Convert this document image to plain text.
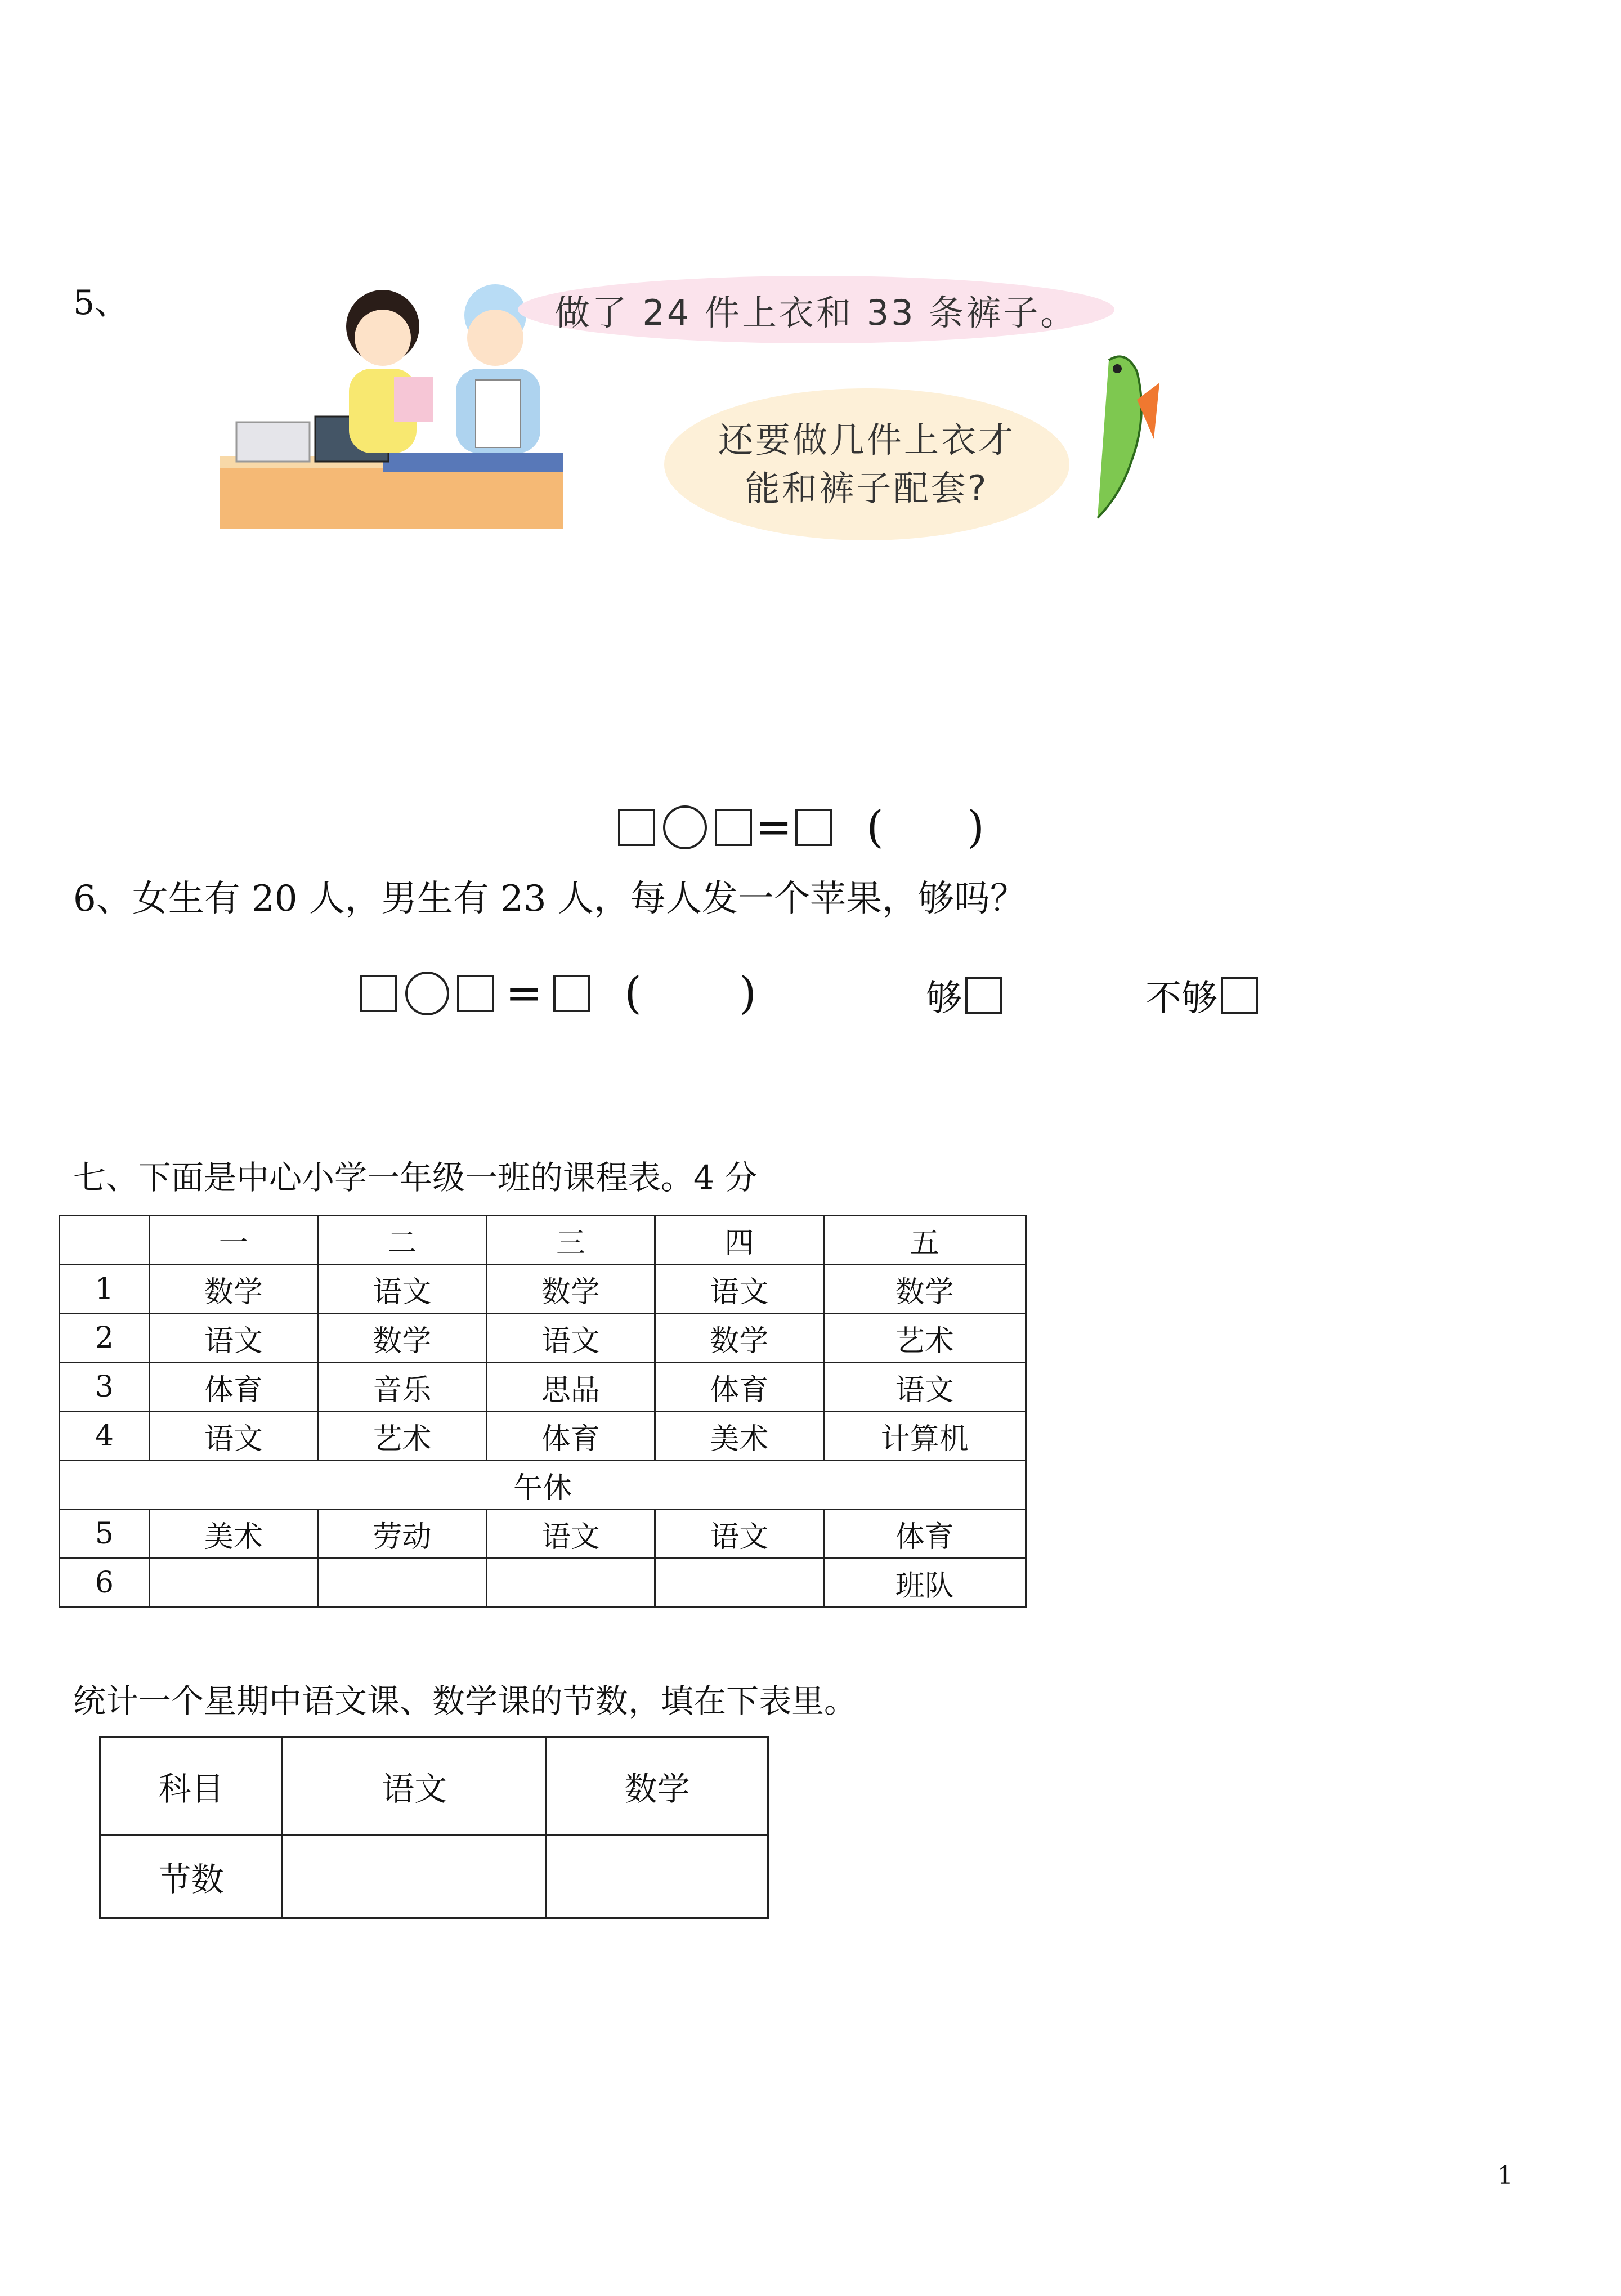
5、	做了 24 件上衣和 33 条裤子。
还要做几件上衣才
能和裤子配套?
= (      )
6、女生有 20 人，男生有 23 人，每人发一个苹果，够吗？
= (       )	够	不够
七、下面是中心小学一年级一班的课程表。4 分
	一	二	三	四	五
1	数学	语文	数学	语文	数学
2	语文	数学	语文	数学	艺术
3	体育	音乐	思品	体育	语文
4	语文	艺术	体育	美术	计算机
午休					
5	美术	劳动	语文	语文	体育
6					班队
统计一个星期中语文课、数学课的节数，填在下表里。
科目	语文	数学
节数		
1
